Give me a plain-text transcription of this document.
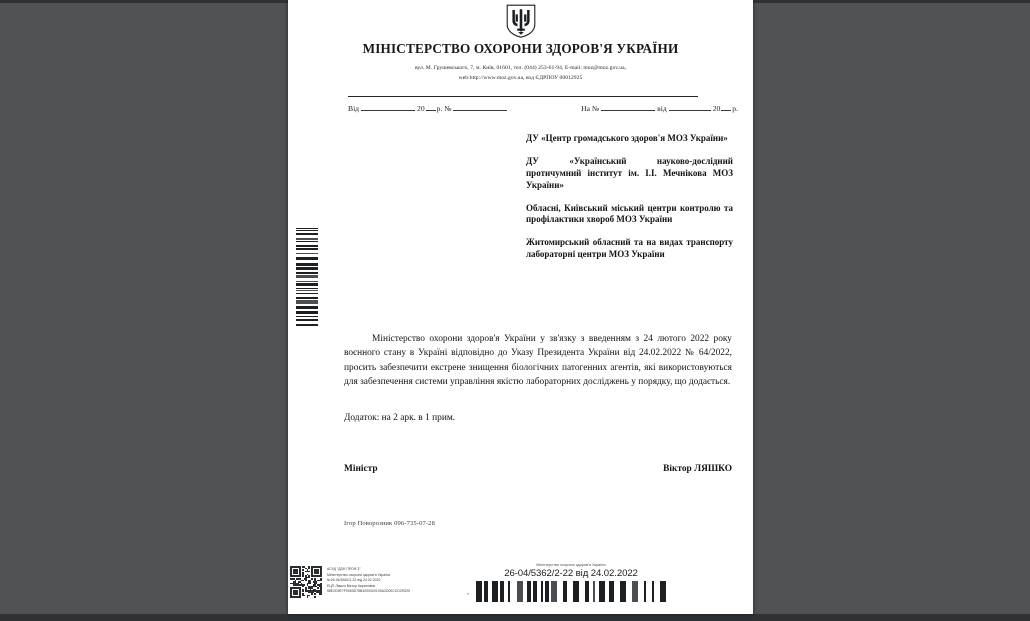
МІНІСТЕРСТВО ОХОРОНИ ЗДОРОВ'Я УКРАЇНИ
вул. М. Грушевського, 7, м. Київ, 01601, тел. (044) 253-61-94, E-mail: moz@moz.gov.ua,
web:http://www.moz.gov.ua, код ЄДРПОУ 00012925
Від	20 р. №	На №	від	20 р.
ДУ «Центр громадського здоров'я МОЗ України»
ДУ «Український науково-дослідний протичумний інститут ім. І.І. Мечнікова МОЗ України»
Обласні, Київський міський центри контролю та профілактики хвороб МОЗ України
Житомирський обласний та на видах транспорту лабораторні центри МОЗ України
Міністерство охорони здоров'я України у зв'язку з введенням з 24 лютого 2022 року воєнного стану в Україні відповідно до Указу Президента України від 24.02.2022 № 64/2022, просить забезпечити екстрене знищення біологічних патогенних агентів, які використовуються для забезпечення системи управління якістю лабораторних досліджень у порядку, що додається.
Додаток: на 2 арк. в 1 прим.
Міністр	Віктор ЛЯШКО
Ігор Поворозник 096-735-07-28
АСУД "ДОК ПРОФ 3"
Міністерство охорони здоров'я України
№26-04/5362/2-22 від 24.02.2022
ЕЦП Ляшко Віктор Кирилович
58E2D9E7F9063D78B4000000109A2D00CCD29O00
Міністерство охорони здоров'я України
26-04/5362/2-22 від 24.02.2022
»
